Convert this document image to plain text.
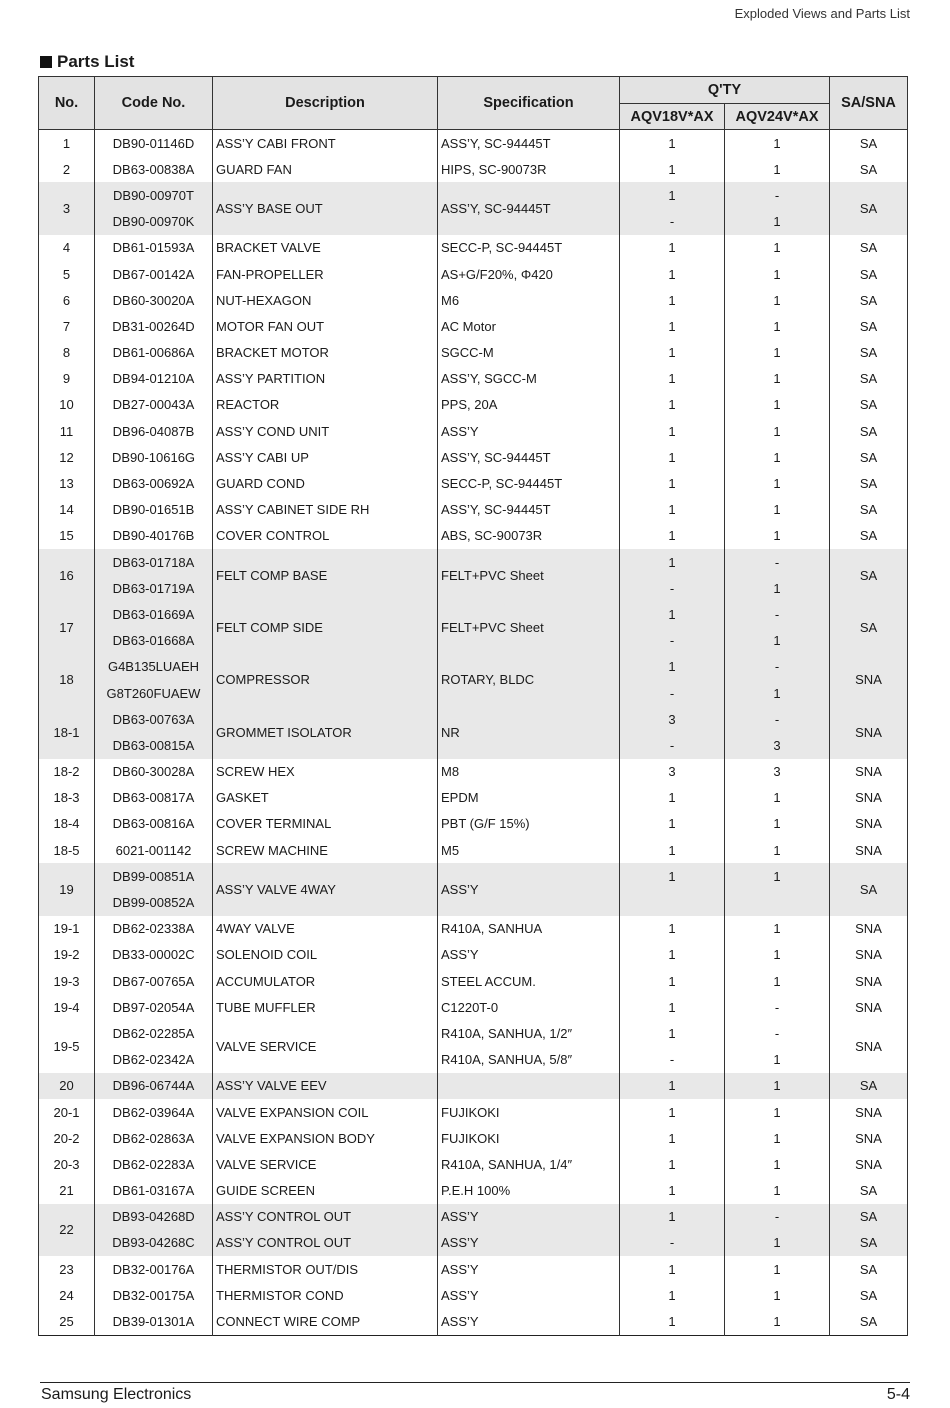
Exploded Views and Parts List
Parts List
No.	Code No.	Description	Specification	Q'TY		SA/SNA
				AQV18V*AX	AQV24V*AX	
1	DB90-01146D	ASS’Y CABI FRONT	ASS’Y, SC-94445T	1	1	SA
2	DB63-00838A	GUARD FAN	HIPS, SC-90073R	1	1	SA
3	DB90-00970T	ASS’Y BASE OUT	ASS’Y, SC-94445T	1	-	SA
	DB90-00970K			-	1	
4	DB61-01593A	BRACKET VALVE	SECC-P, SC-94445T	1	1	SA
5	DB67-00142A	FAN-PROPELLER	AS+G/F20%, Φ420	1	1	SA
6	DB60-30020A	NUT-HEXAGON	M6	1	1	SA
7	DB31-00264D	MOTOR FAN OUT	AC Motor	1	1	SA
8	DB61-00686A	BRACKET MOTOR	SGCC-M	1	1	SA
9	DB94-01210A	ASS’Y PARTITION	ASS’Y, SGCC-M	1	1	SA
10	DB27-00043A	REACTOR	PPS, 20A	1	1	SA
11	DB96-04087B	ASS’Y COND UNIT	ASS’Y	1	1	SA
12	DB90-10616G	ASS’Y CABI UP	ASS’Y, SC-94445T	1	1	SA
13	DB63-00692A	GUARD COND	SECC-P, SC-94445T	1	1	SA
14	DB90-01651B	ASS’Y CABINET SIDE RH	ASS’Y, SC-94445T	1	1	SA
15	DB90-40176B	COVER CONTROL	ABS, SC-90073R	1	1	SA
16	DB63-01718A	FELT COMP BASE	FELT+PVC Sheet	1	-	SA
	DB63-01719A			-	1	
17	DB63-01669A	FELT COMP SIDE	FELT+PVC Sheet	1	-	SA
	DB63-01668A			-	1	
18	G4B135LUAEH	COMPRESSOR	ROTARY, BLDC	1	-	SNA
	G8T260FUAEW			-	1	
18-1	DB63-00763A	GROMMET ISOLATOR	NR	3	-	SNA
	DB63-00815A			-	3	
18-2	DB60-30028A	SCREW HEX	M8	3	3	SNA
18-3	DB63-00817A	GASKET	EPDM	1	1	SNA
18-4	DB63-00816A	COVER TERMINAL	PBT (G/F 15%)	1	1	SNA
18-5	6021-001142	SCREW MACHINE	M5	1	1	SNA
19	DB99-00851A	ASS’Y VALVE 4WAY	ASS’Y	1	1	SA
	DB99-00852A					
19-1	DB62-02338A	4WAY VALVE	R410A, SANHUA	1	1	SNA
19-2	DB33-00002C	SOLENOID COIL	ASS’Y	1	1	SNA
19-3	DB67-00765A	ACCUMULATOR	STEEL ACCUM.	1	1	SNA
19-4	DB97-02054A	TUBE MUFFLER	C1220T-0	1	-	SNA
19-5	DB62-02285A	VALVE SERVICE	R410A, SANHUA, 1/2″	1	-	SNA
	DB62-02342A		R410A, SANHUA, 5/8″	-	1	
20	DB96-06744A	ASS’Y VALVE EEV		1	1	SA
20-1	DB62-03964A	VALVE EXPANSION COIL	FUJIKOKI	1	1	SNA
20-2	DB62-02863A	VALVE EXPANSION BODY	FUJIKOKI	1	1	SNA
20-3	DB62-02283A	VALVE SERVICE	R410A, SANHUA, 1/4″	1	1	SNA
21	DB61-03167A	GUIDE SCREEN	P.E.H 100%	1	1	SA
22	DB93-04268D	ASS’Y CONTROL OUT	ASS’Y	1	-	SA
	DB93-04268C	ASS’Y CONTROL OUT	ASS’Y	-	1	SA
23	DB32-00176A	THERMISTOR OUT/DIS	ASS’Y	1	1	SA
24	DB32-00175A	THERMISTOR COND	ASS’Y	1	1	SA
25	DB39-01301A	CONNECT WIRE COMP	ASS’Y	1	1	SA
Samsung Electronics	5-4
